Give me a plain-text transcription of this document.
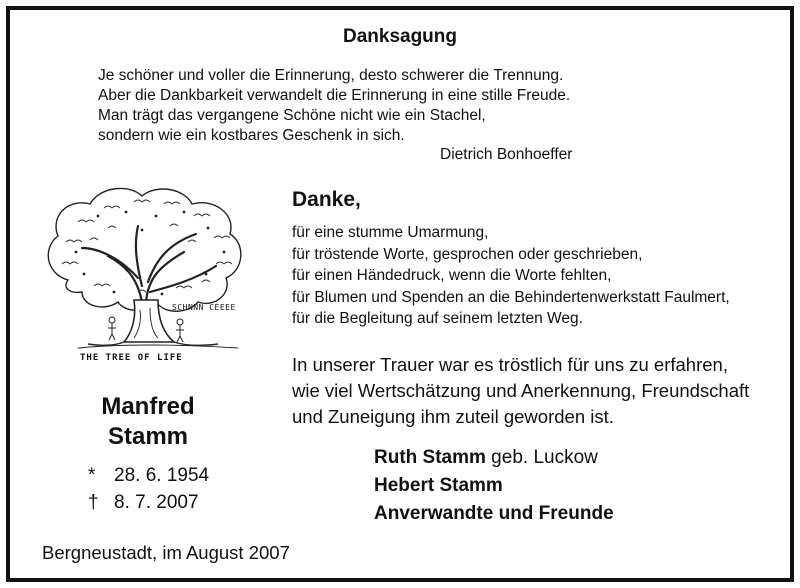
Danksagung
Je schöner und voller die Erinnerung, desto schwerer die Trennung.
Aber die Dankbarkeit verwandelt die Erinnerung in eine stille Freude.
Man trägt das vergangene Schöne nicht wie ein Stachel,
sondern wie ein kostbares Geschenk in sich.
Dietrich Bonhoeffer
SCHNNN CEEEE
THE TREE OF LIFE
Manfred
Stamm
* 28. 6. 1954
† 8. 7. 2007
Danke,
für eine stumme Umarmung,
für tröstende Worte, gesprochen oder geschrieben,
für einen Händedruck, wenn die Worte fehlten,
für Blumen und Spenden an die Behindertenwerkstatt Faulmert,
für die Begleitung auf seinem letzten Weg.
In unserer Trauer war es tröstlich für uns zu erfahren,
wie viel Wertschätzung und Anerkennung, Freundschaft
und Zuneigung ihm zuteil geworden ist.
Ruth Stamm geb. Luckow
Hebert Stamm
Anverwandte und Freunde
Bergneustadt, im August 2007
